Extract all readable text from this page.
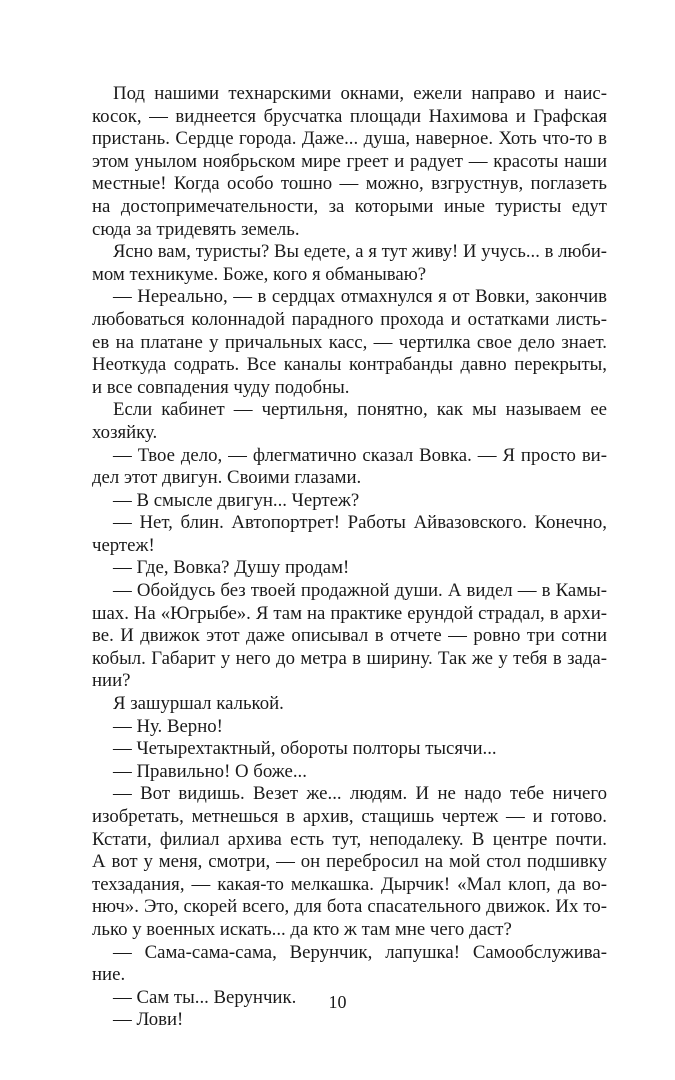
Под нашими технарскими окнами, ежели направо и наис-
косок, — виднеется брусчатка площади Нахимова и Графская
пристань. Сердце города. Даже... душа, наверное. Хоть что-то в
этом унылом ноябрьском мире греет и радует — красоты наши
местные! Когда особо тошно — можно, взгрустнув, поглазеть
на достопримечательности, за которыми иные туристы едут
сюда за тридевять земель.
Ясно вам, туристы? Вы едете, а я тут живу! И учусь... в люби-
мом техникуме. Боже, кого я обманываю?
— Нереально, — в сердцах отмахнулся я от Вовки, закончив
любоваться колоннадой парадного прохода и остатками листь-
ев на платане у причальных касс, — чертилка свое дело знает.
Неоткуда содрать. Все каналы контрабанды давно перекрыты,
и все совпадения чуду подобны.
Если кабинет — чертильня, понятно, как мы называем ее
хозяйку.
— Твое дело, — флегматично сказал Вовка. — Я просто ви-
дел этот двигун. Своими глазами.
— В смысле двигун... Чертеж?
— Нет, блин. Автопортрет! Работы Айвазовского. Конечно,
чертеж!
— Где, Вовка? Душу продам!
— Обойдусь без твоей продажной души. А видел — в Камы-
шах. На «Югрыбе». Я там на практике ерундой страдал, в архи-
ве. И движок этот даже описывал в отчете — ровно три сотни
кобыл. Габарит у него до метра в ширину. Так же у тебя в зада-
нии?
Я зашуршал калькой.
— Ну. Верно!
— Четырехтактный, обороты полторы тысячи...
— Правильно! О боже...
— Вот видишь. Везет же... людям. И не надо тебе ничего
изобретать, метнешься в архив, стащишь чертеж — и готово.
Кстати, филиал архива есть тут, неподалеку. В центре почти.
А вот у меня, смотри, — он перебросил на мой стол подшивку
техзадания, — какая-то мелкашка. Дырчик! «Мал клоп, да во-
нюч». Это, скорей всего, для бота спасательного движок. Их то-
лько у военных искать... да кто ж там мне чего даст?
— Сама-сама-сама, Верунчик, лапушка! Самообслужива-
ние.
— Сам ты... Верунчик.
— Лови!
10
